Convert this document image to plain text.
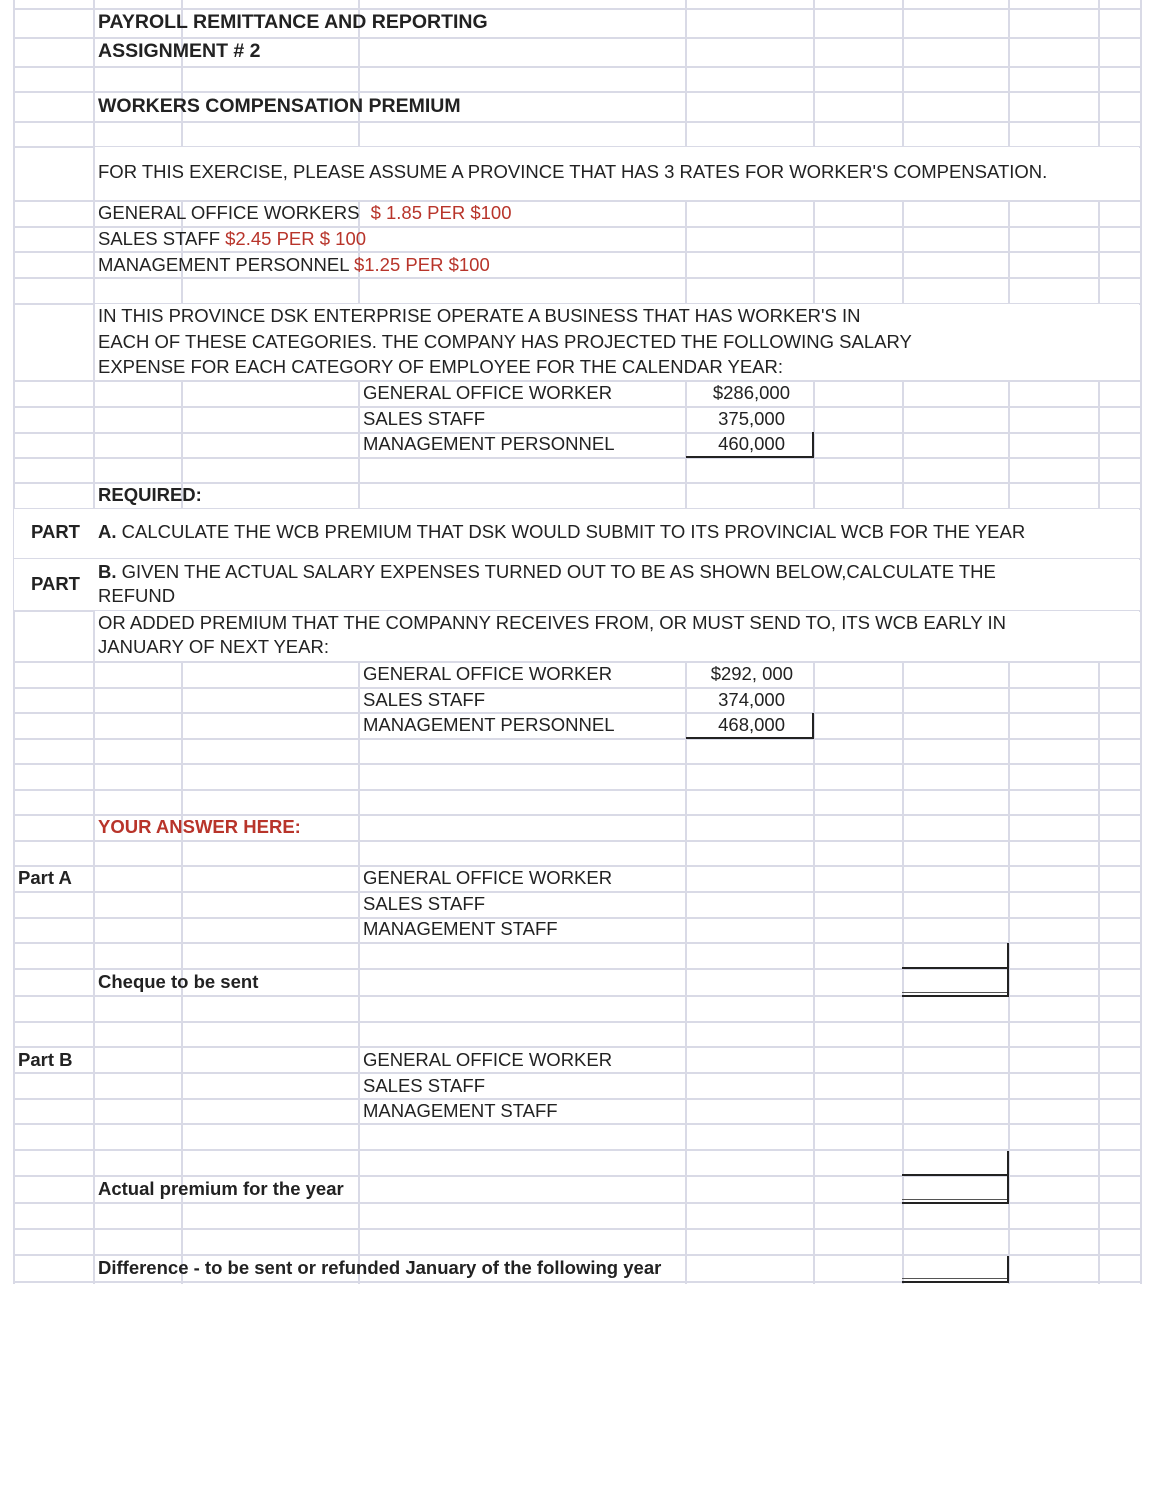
PAYROLL REMITTANCE AND REPORTING
ASSIGNMENT # 2
WORKERS COMPENSATION PREMIUM
FOR THIS EXERCISE, PLEASE ASSUME A PROVINCE THAT HAS 3 RATES FOR WORKER'S COMPENSATION.
GENERAL OFFICE WORKERS $ 1.85 PER $100
SALES STAFF $2.45 PER $ 100
MANAGEMENT PERSONNEL $1.25 PER $100
IN THIS PROVINCE DSK ENTERPRISE OPERATE A BUSINESS THAT HAS WORKER'S IN
EACH OF THESE CATEGORIES. THE COMPANY HAS PROJECTED THE FOLLOWING SALARY
EXPENSE FOR EACH CATEGORY OF EMPLOYEE FOR THE CALENDAR YEAR:
GENERAL OFFICE WORKER	$286,000
SALES STAFF	375,000
MANAGEMENT PERSONNEL	460,000
REQUIRED:
PART A. CALCULATE THE WCB PREMIUM THAT DSK WOULD SUBMIT TO ITS PROVINCIAL WCB FOR THE YEAR
PART
B. GIVEN THE ACTUAL SALARY EXPENSES TURNED OUT TO BE AS SHOWN BELOW,CALCULATE THE
REFUND
OR ADDED PREMIUM THAT THE COMPANNY RECEIVES FROM, OR MUST SEND TO, ITS WCB EARLY IN
JANUARY OF NEXT YEAR:
GENERAL OFFICE WORKER	$292, 000
SALES STAFF	374,000
MANAGEMENT PERSONNEL	468,000
YOUR ANSWER HERE:
Part A	GENERAL OFFICE WORKER
SALES STAFF
MANAGEMENT STAFF
Cheque to be sent
Part B	GENERAL OFFICE WORKER
SALES STAFF
MANAGEMENT STAFF
Actual premium for the year
Difference - to be sent or refunded January of the following year
